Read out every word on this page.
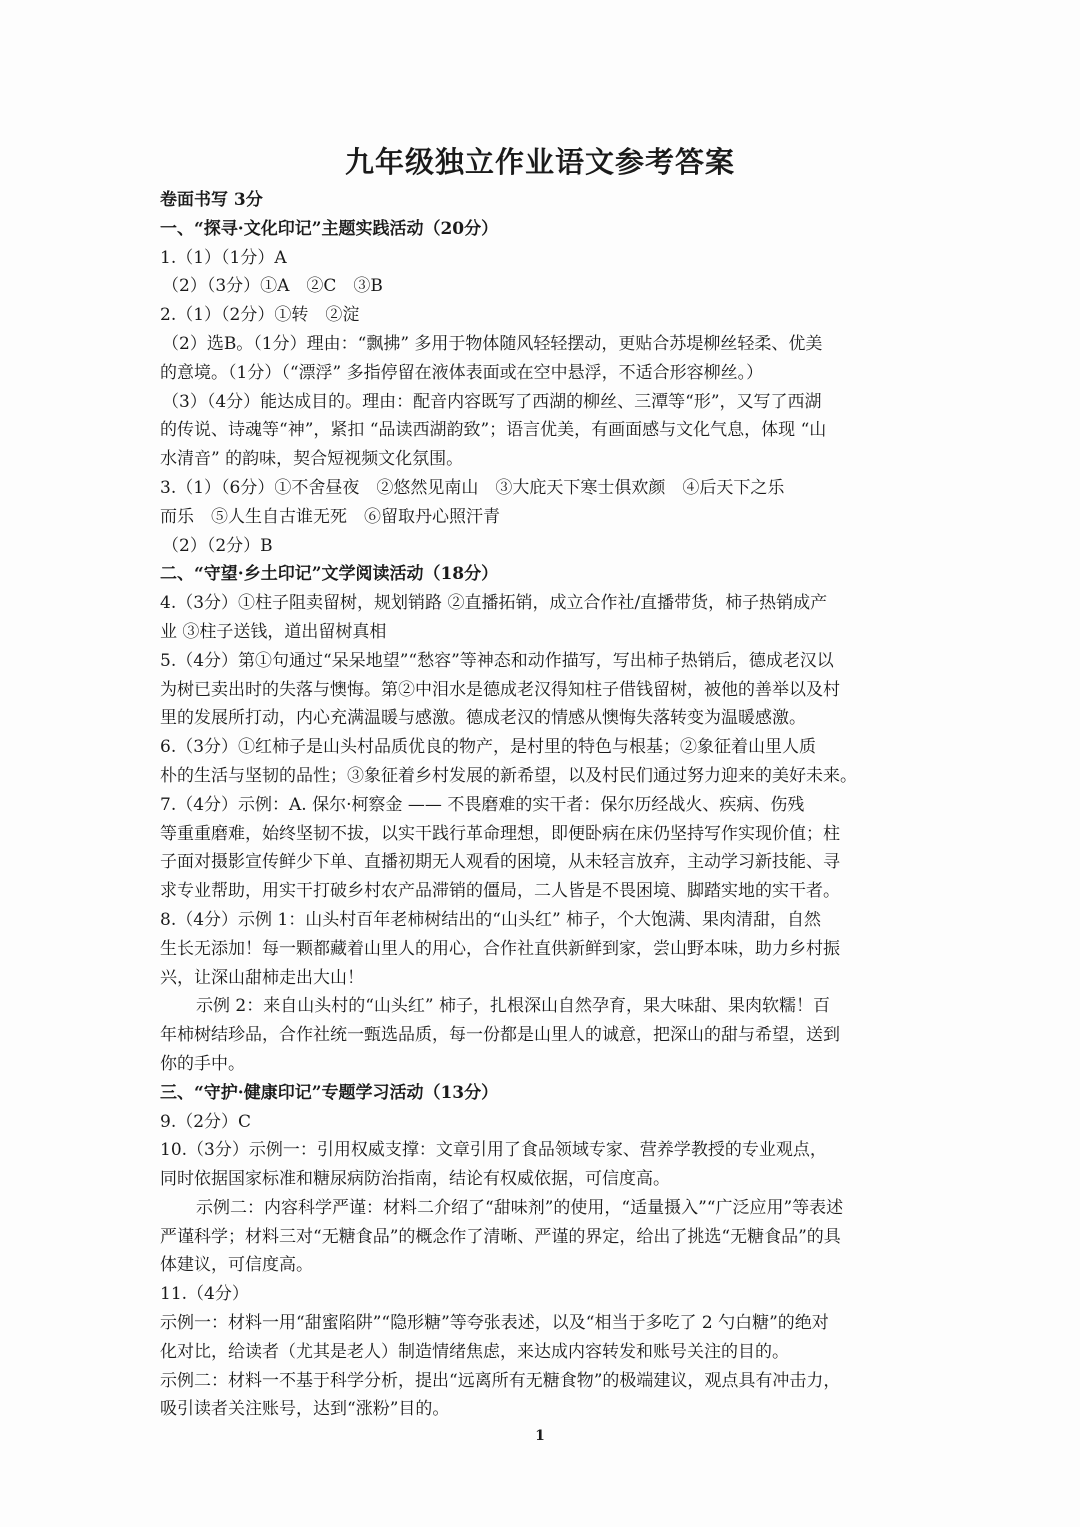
九年级独立作业语文参考答案
卷面书写 3分
一、“探寻·文化印记”主题实践活动（20分）
1.（1）（1分）A
（2）（3分）①A　②C　③B
2.（1）（2分）①转　②淀
（2）选B。（1分）理由：“飘拂” 多用于物体随风轻轻摆动，更贴合苏堤柳丝轻柔、优美
的意境。（1分）（“漂浮” 多指停留在液体表面或在空中悬浮，不适合形容柳丝。）
（3）（4分）能达成目的。理由：配音内容既写了西湖的柳丝、三潭等“形”，又写了西湖
的传说、诗魂等“神”，紧扣 “品读西湖韵致”；语言优美，有画面感与文化气息，体现 “山
水清音” 的韵味，契合短视频文化氛围。
3.（1）（6分）①不舍昼夜　②悠然见南山　③大庇天下寒士俱欢颜　④后天下之乐
而乐　⑤人生自古谁无死　⑥留取丹心照汗青
（2）（2分）B
二、“守望·乡土印记”文学阅读活动（18分）
4.（3分）①柱子阻卖留树，规划销路 ②直播拓销，成立合作社/直播带货，柿子热销成产
业 ③柱子送钱，道出留树真相
5.（4分）第①句通过“呆呆地望”“愁容”等神态和动作描写，写出柿子热销后，德成老汉以
为树已卖出时的失落与懊悔。第②中泪水是德成老汉得知柱子借钱留树，被他的善举以及村
里的发展所打动，内心充满温暖与感激。德成老汉的情感从懊悔失落转变为温暖感激。
6.（3分）①红柿子是山头村品质优良的物产，是村里的特色与根基；②象征着山里人质
朴的生活与坚韧的品性；③象征着乡村发展的新希望，以及村民们通过努力迎来的美好未来。
7.（4分）示例：A. 保尔·柯察金 —— 不畏磨难的实干者：保尔历经战火、疾病、伤残
等重重磨难，始终坚韧不拔，以实干践行革命理想，即便卧病在床仍坚持写作实现价值；柱
子面对摄影宣传鲜少下单、直播初期无人观看的困境，从未轻言放弃，主动学习新技能、寻
求专业帮助，用实干打破乡村农产品滞销的僵局，二人皆是不畏困境、脚踏实地的实干者。
8.（4分）示例 1：山头村百年老柿树结出的“山头红” 柿子，个大饱满、果肉清甜，自然
生长无添加！每一颗都藏着山里人的用心，合作社直供新鲜到家，尝山野本味，助力乡村振
兴，让深山甜柿走出大山！
示例 2：来自山头村的“山头红” 柿子，扎根深山自然孕育，果大味甜、果肉软糯！百
年柿树结珍品，合作社统一甄选品质，每一份都是山里人的诚意，把深山的甜与希望，送到
你的手中。
三、“守护·健康印记”专题学习活动（13分）
9.（2分）C
10.（3分）示例一：引用权威支撑：文章引用了食品领域专家、营养学教授的专业观点，
同时依据国家标准和糖尿病防治指南，结论有权威依据，可信度高。
示例二：内容科学严谨：材料二介绍了“甜味剂”的使用，“适量摄入”“广泛应用”等表述
严谨科学；材料三对“无糖食品”的概念作了清晰、严谨的界定，给出了挑选“无糖食品”的具
体建议，可信度高。
11.（4分）
示例一：材料一用“甜蜜陷阱”“隐形糖”等夸张表述，以及“相当于多吃了 2 勺白糖”的绝对
化对比，给读者（尤其是老人）制造情绪焦虑，来达成内容转发和账号关注的目的。
示例二：材料一不基于科学分析，提出“远离所有无糖食物”的极端建议，观点具有冲击力，
吸引读者关注账号，达到“涨粉”目的。
1
